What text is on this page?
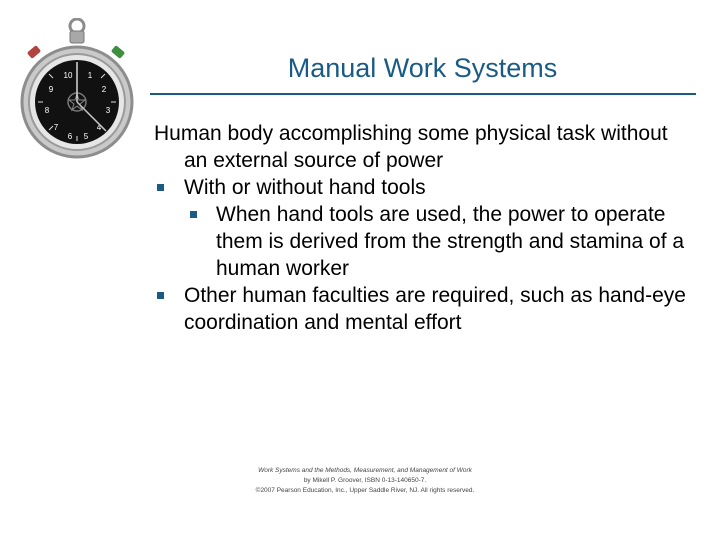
10 1
9	2
8	3
7	4
6 5
Manual Work Systems
Human body accomplishing some physical task without an external source of power
With or without hand tools
When hand tools are used, the power to operate them is derived from the strength and stamina of a human worker
Other human faculties are required, such as hand-eye coordination and mental effort
Work Systems and the Methods, Measurement, and Management of Work
by Mikell P. Groover, ISBN 0-13-140650-7.
©2007 Pearson Education, Inc., Upper Saddle River, NJ. All rights reserved.
